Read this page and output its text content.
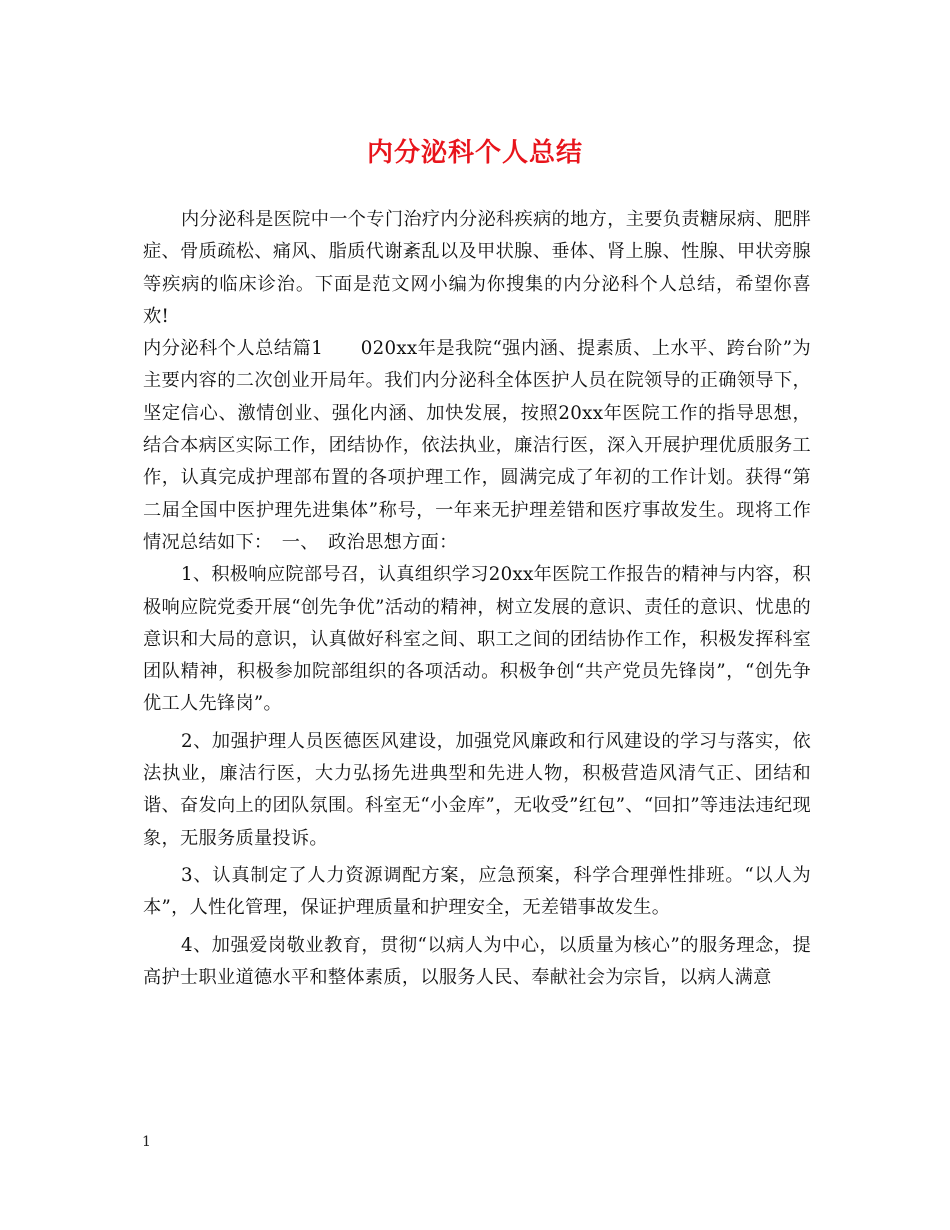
内分泌科个人总结

内分泌科是医院中一个专门治疗内分泌科疾病的地方，主要负责糖尿病、肥胖症、骨质疏松、痛风、脂质代谢紊乱以及甲状腺、垂体、肾上腺、性腺、甲状旁腺等疾病的临床诊治。下面是范文网小编为你搜集的内分泌科个人总结，希望你喜欢!

内分泌科个人总结篇1　　020xx年是我院“强内涵、提素质、上水平、跨台阶”为主要内容的二次创业开局年。我们内分泌科全体医护人员在院领导的正确领导下，坚定信心、激情创业、强化内涵、加快发展，按照20xx年医院工作的指导思想，结合本病区实际工作，团结协作，依法执业，廉洁行医，深入开展护理优质服务工作，认真完成护理部布置的各项护理工作，圆满完成了年初的工作计划。获得“第二届全国中医护理先进集体”称号，一年来无护理差错和医疗事故发生。现将工作情况总结如下：　一、　政治思想方面：

1、积极响应院部号召，认真组织学习20xx年医院工作报告的精神与内容，积极响应院党委开展“创先争优”活动的精神，树立发展的意识、责任的意识、忧患的意识和大局的意识，认真做好科室之间、职工之间的团结协作工作，积极发挥科室团队精神，积极参加院部组织的各项活动。积极争创“共产党员先锋岗”，“创先争优工人先锋岗”。

2、加强护理人员医德医风建设，加强党风廉政和行风建设的学习与落实，依法执业，廉洁行医，大力弘扬先进典型和先进人物，积极营造风清气正、团结和谐、奋发向上的团队氛围。科室无“小金库”，无收受”红包”、“回扣”等违法违纪现象，无服务质量投诉。

3、认真制定了人力资源调配方案，应急预案，科学合理弹性排班。“以人为本”，人性化管理，保证护理质量和护理安全，无差错事故发生。

4、加强爱岗敬业教育，贯彻“以病人为中心，以质量为核心”的服务理念，提高护士职业道德水平和整体素质，以服务人民、奉献社会为宗旨，以病人满意

1
